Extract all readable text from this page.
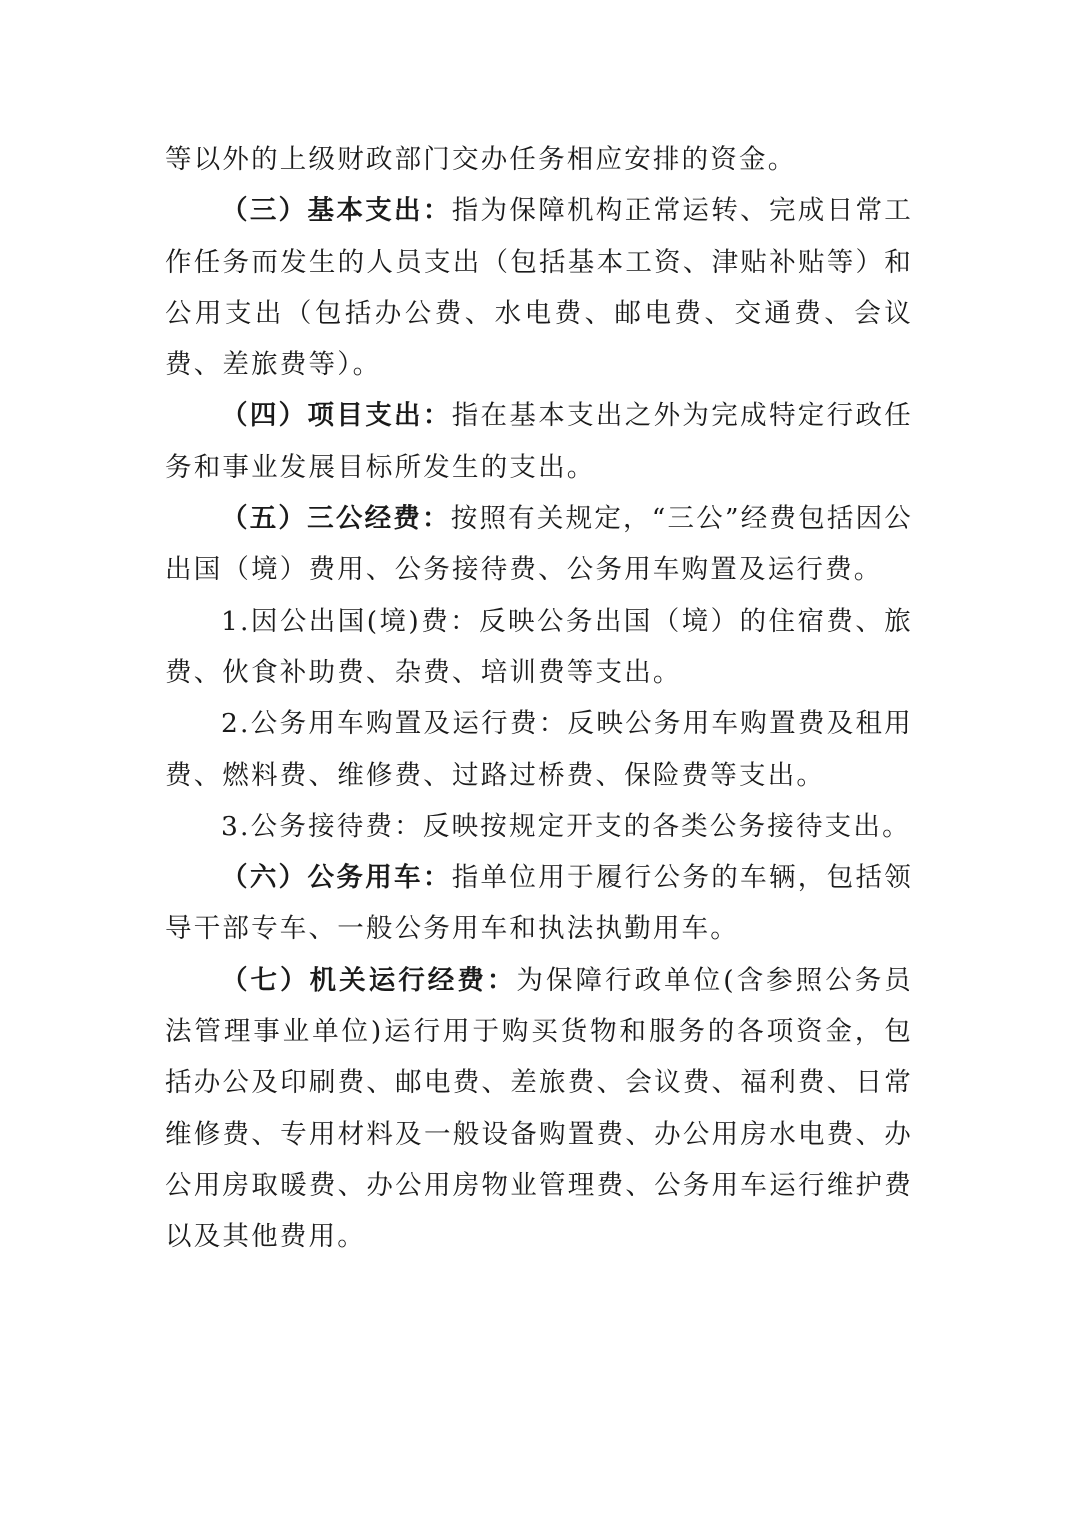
等以外的上级财政部门交办任务相应安排的资金。

（三）基本支出：指为保障机构正常运转、完成日常工作任务而发生的人员支出（包括基本工资、津贴补贴等）和公用支出（包括办公费、水电费、邮电费、交通费、会议费、差旅费等）。

（四）项目支出：指在基本支出之外为完成特定行政任务和事业发展目标所发生的支出。

（五）三公经费：按照有关规定，“三公”经费包括因公出国（境）费用、公务接待费、公务用车购置及运行费。

1.因公出国(境)费：反映公务出国（境）的住宿费、旅费、伙食补助费、杂费、培训费等支出。

2.公务用车购置及运行费：反映公务用车购置费及租用费、燃料费、维修费、过路过桥费、保险费等支出。

3.公务接待费：反映按规定开支的各类公务接待支出。

（六）公务用车：指单位用于履行公务的车辆，包括领导干部专车、一般公务用车和执法执勤用车。

（七）机关运行经费：为保障行政单位(含参照公务员法管理事业单位)运行用于购买货物和服务的各项资金，包括办公及印刷费、邮电费、差旅费、会议费、福利费、日常维修费、专用材料及一般设备购置费、办公用房水电费、办公用房取暖费、办公用房物业管理费、公务用车运行维护费以及其他费用。
